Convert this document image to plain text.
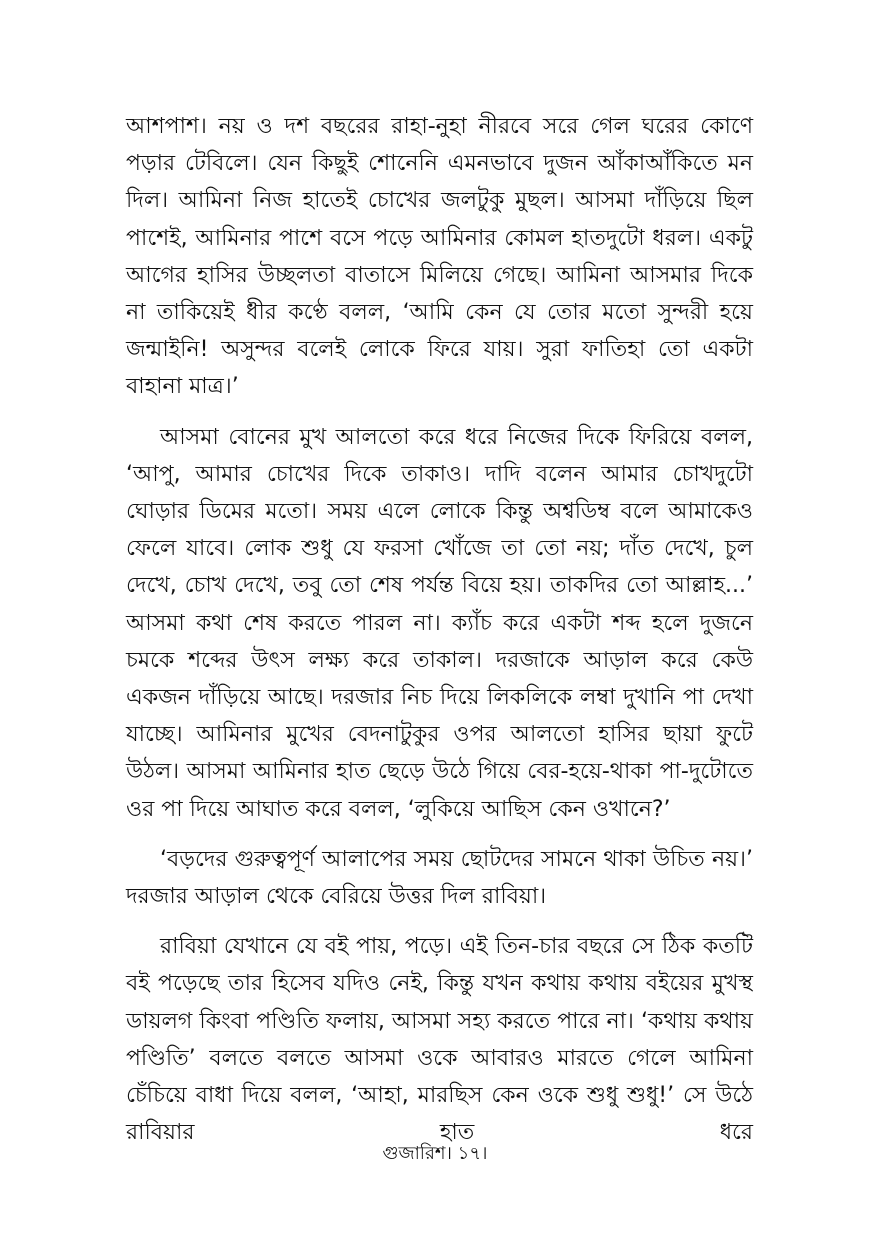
আশপাশ। নয় ও দশ বছরের রাহা-নুহা নীরবে সরে গেল ঘরের কোণে পড়ার টেবিলে। যেন কিছুই শোনেনি এমনভাবে দুজন আঁকাআঁকিতে মন দিল। আমিনা নিজ হাতেই চোখের জলটুকু মুছল। আসমা দাঁড়িয়ে ছিল পাশেই, আমিনার পাশে বসে পড়ে আমিনার কোমল হাতদুটো ধরল। একটু আগের হাসির উচ্ছলতা বাতাসে মিলিয়ে গেছে। আমিনা আসমার দিকে না তাকিয়েই ধীর কণ্ঠে বলল, ‘আমি কেন যে তোর মতো সুন্দরী হয়ে জন্মাইনি! অসুন্দর বলেই লোকে ফিরে যায়। সুরা ফাতিহা তো একটা বাহানা মাত্র।’

আসমা বোনের মুখ আলতো করে ধরে নিজের দিকে ফিরিয়ে বলল, ‘আপু, আমার চোখের দিকে তাকাও। দাদি বলেন আমার চোখদুটো ঘোড়ার ডিমের মতো। সময় এলে লোকে কিন্তু অশ্বডিম্ব বলে আমাকেও ফেলে যাবে। লোক শুধু যে ফরসা খোঁজে তা তো নয়; দাঁত দেখে, চুল দেখে, চোখ দেখে, তবু তো শেষ পর্যন্ত বিয়ে হয়। তাকদির তো আল্লাহ...’ আসমা কথা শেষ করতে পারল না। ক্যাঁচ করে একটা শব্দ হলে দুজনে চমকে শব্দের উৎস লক্ষ্য করে তাকাল। দরজাকে আড়াল করে কেউ একজন দাঁড়িয়ে আছে। দরজার নিচ দিয়ে লিকলিকে লম্বা দুখানি পা দেখা যাচ্ছে। আমিনার মুখের বেদনাটুকুর ওপর আলতো হাসির ছায়া ফুটে উঠল। আসমা আমিনার হাত ছেড়ে উঠে গিয়ে বের-হয়ে-থাকা পা-দুটোতে ওর পা দিয়ে আঘাত করে বলল, ‘লুকিয়ে আছিস কেন ওখানে?’

‘বড়দের গুরুত্বপূর্ণ আলাপের সময় ছোটদের সামনে থাকা উচিত নয়।’ দরজার আড়াল থেকে বেরিয়ে উত্তর দিল রাবিয়া।

রাবিয়া যেখানে যে বই পায়, পড়ে। এই তিন-চার বছরে সে ঠিক কতটি বই পড়েছে তার হিসেব যদিও নেই, কিন্তু যখন কথায় কথায় বইয়ের মুখস্থ ডায়লগ কিংবা পণ্ডিতি ফলায়, আসমা সহ্য করতে পারে না। ‘কথায় কথায় পণ্ডিতি’ বলতে বলতে আসমা ওকে আবারও মারতে গেলে আমিনা চেঁচিয়ে বাধা দিয়ে বলল, ‘আহা, মারছিস কেন ওকে শুধু শুধু!’ সে উঠে রাবিয়ার হাত ধরে

গুজারিশ। ১৭।
